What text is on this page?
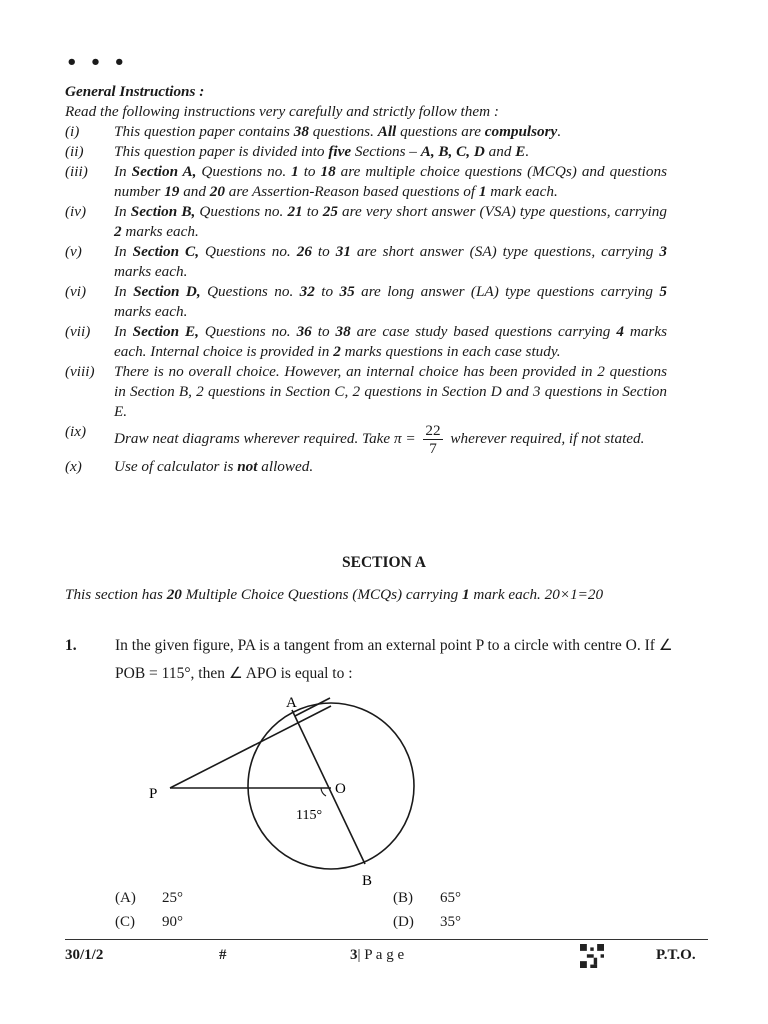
• • •
General Instructions :
Read the following instructions very carefully and strictly follow them :
(i)	This question paper contains 38 questions. All questions are compulsory.
(ii)	This question paper is divided into five Sections – A, B, C, D and E.
(iii)	In Section A, Questions no. 1 to 18 are multiple choice questions (MCQs) and questions number 19 and 20 are Assertion-Reason based questions of 1 mark each.
(iv)	In Section B, Questions no. 21 to 25 are very short answer (VSA) type questions, carrying 2 marks each.
(v)	In Section C, Questions no. 26 to 31 are short answer (SA) type questions, carrying 3 marks each.
(vi)	In Section D, Questions no. 32 to 35 are long answer (LA) type questions carrying 5 marks each.
(vii)	In Section E, Questions no. 36 to 38 are case study based questions carrying 4 marks each. Internal choice is provided in 2 marks questions in each case study.
(viii)	There is no overall choice. However, an internal choice has been provided in 2 questions in Section B, 2 questions in Section C, 2 questions in Section D and 3 questions in Section E.
(ix)	Draw neat diagrams wherever required. Take $\pi = \frac{22}{7}$ wherever required, if not stated.
(x)	Use of calculator is not allowed.
SECTION A
This section has 20 Multiple Choice Questions (MCQs) carrying 1 mark each. 20×1=20
1. In the given figure, PA is a tangent from an external point P to a circle with centre O. If ∠ POB = 115°, then ∠ APO is equal to :
A
P	O
B
115°
(A) 25°	(B) 65°
(C) 90°	(D) 35°
30/1/2	#	3| P a g e	P.T.O.
